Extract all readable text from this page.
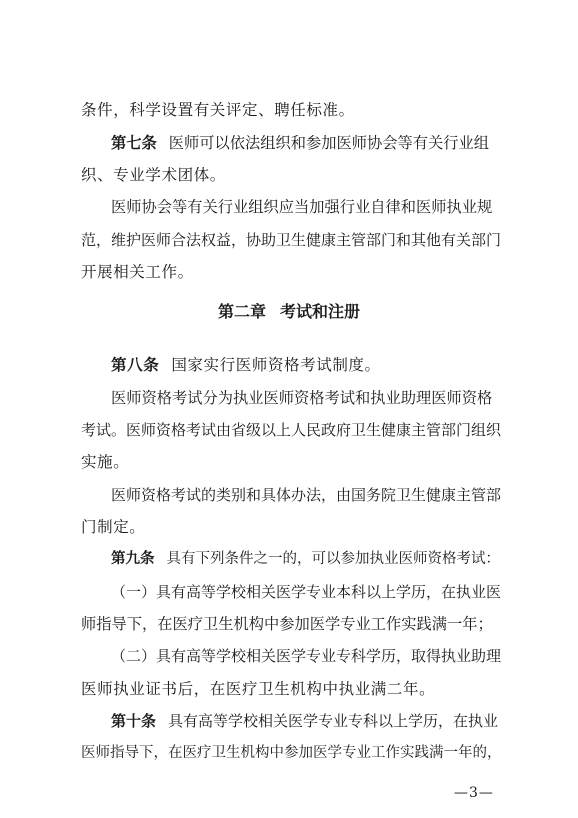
条件，科学设置有关评定、聘任标准。
第七条 医师可以依法组织和参加医师协会等有关行业组
织、专业学术团体。
医师协会等有关行业组织应当加强行业自律和医师执业规
范，维护医师合法权益，协助卫生健康主管部门和其他有关部门
开展相关工作。
第二章 考试和注册
第八条 国家实行医师资格考试制度。
医师资格考试分为执业医师资格考试和执业助理医师资格
考试。医师资格考试由省级以上人民政府卫生健康主管部门组织
实施。
医师资格考试的类别和具体办法，由国务院卫生健康主管部
门制定。
第九条 具有下列条件之一的，可以参加执业医师资格考试：
（一）具有高等学校相关医学专业本科以上学历，在执业医
师指导下，在医疗卫生机构中参加医学专业工作实践满一年；
（二）具有高等学校相关医学专业专科学历，取得执业助理
医师执业证书后，在医疗卫生机构中执业满二年。
第十条 具有高等学校相关医学专业专科以上学历，在执业
医师指导下，在医疗卫生机构中参加医学专业工作实践满一年的，
—3—
